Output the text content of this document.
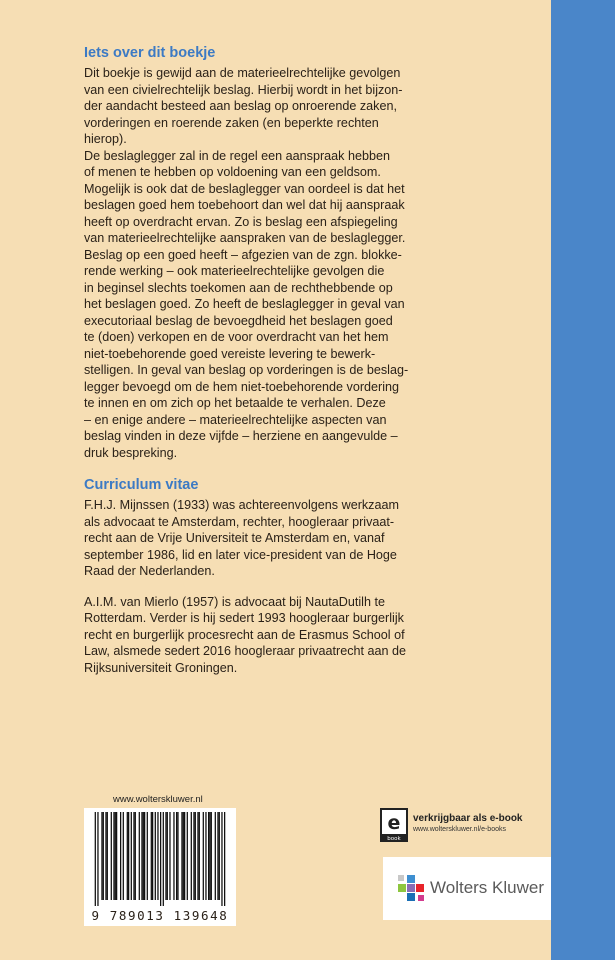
Iets over dit boekje
Dit boekje is gewijd aan de materieelrechtelijke gevolgen
van een civielrechtelijk beslag. Hierbij wordt in het bijzon-
der aandacht besteed aan beslag op onroerende zaken,
vorderingen en roerende zaken (en beperkte rechten
hierop).
De beslaglegger zal in de regel een aanspraak hebben
of menen te hebben op voldoening van een geldsom.
Mogelijk is ook dat de beslaglegger van oordeel is dat het
beslagen goed hem toebehoort dan wel dat hij aanspraak
heeft op overdracht ervan. Zo is beslag een afspiegeling
van materieelrechtelijke aanspraken van de beslaglegger.
Beslag op een goed heeft – afgezien van de zgn. blokke-
rende werking – ook materieelrechtelijke gevolgen die
in beginsel slechts toekomen aan de rechthebbende op
het beslagen goed. Zo heeft de beslaglegger in geval van
executoriaal beslag de bevoegdheid het beslagen goed
te (doen) verkopen en de voor overdracht van het hem
niet-toebehorende goed vereiste levering te bewerk-
stelligen. In geval van beslag op vorderingen is de beslag-
legger bevoegd om de hem niet-toebehorende vordering
te innen en om zich op het betaalde te verhalen. Deze
– en enige andere – materieelrechtelijke aspecten van
beslag vinden in deze vijfde – herziene en aangevulde –
druk bespreking.
Curriculum vitae
F.H.J. Mijnssen (1933) was achtereenvolgens werkzaam
als advocaat te Amsterdam, rechter, hoogleraar privaat-
recht aan de Vrije Universiteit te Amsterdam en, vanaf
september 1986, lid en later vice-president van de Hoge
Raad der Nederlanden.
A.I.M. van Mierlo (1957) is advocaat bij NautaDutilh te
Rotterdam. Verder is hij sedert 1993 hoogleraar burgerlijk
recht en burgerlijk procesrecht aan de Erasmus School of
Law, alsmede sedert 2016 hoogleraar privaatrecht aan de
Rijksuniversiteit Groningen.
www.wolterskluwer.nl
9 789013 139648
e
book
verkrijgbaar als e-book
www.wolterskluwer.nl/e-books
Wolters Kluwer
